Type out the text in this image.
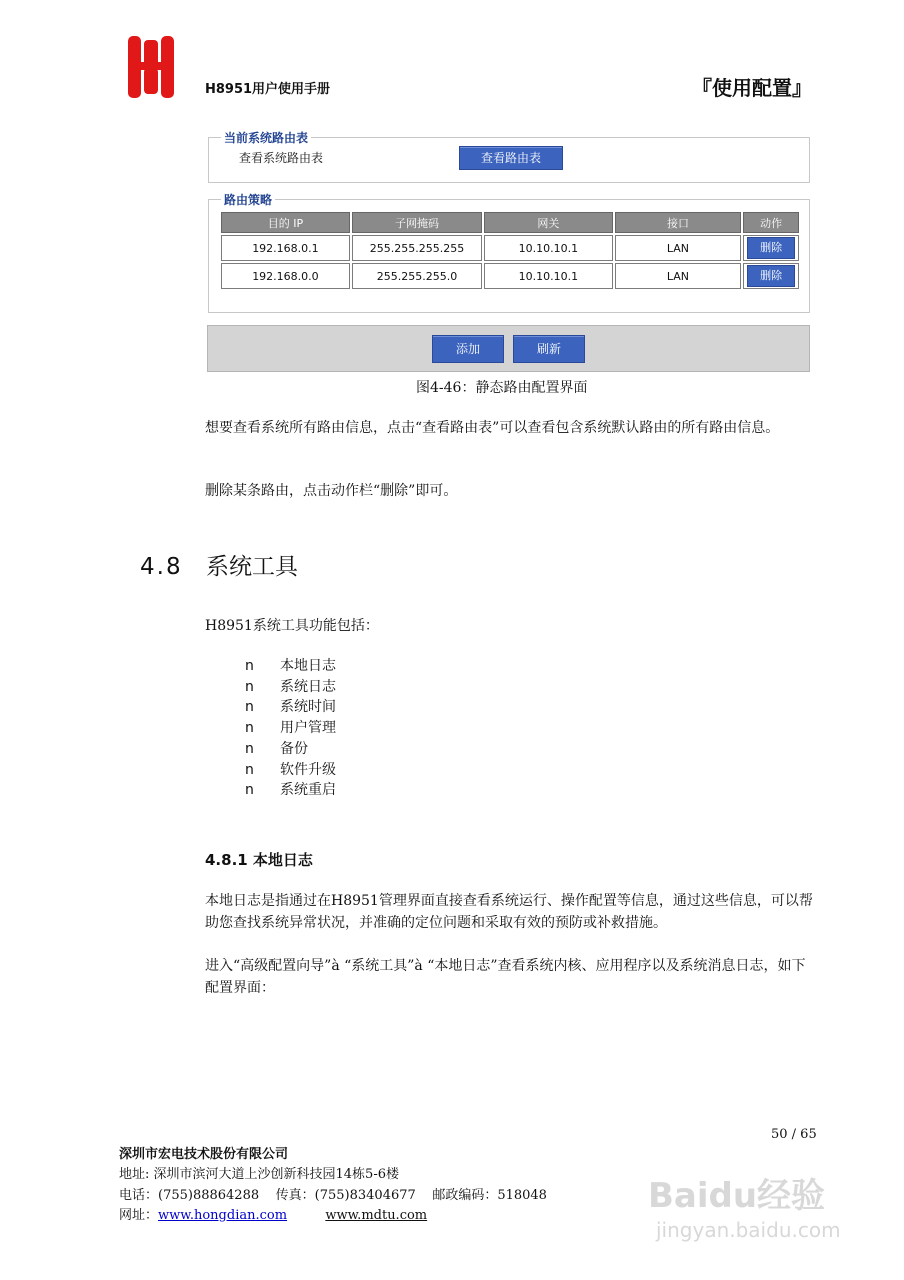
H8951用户使用手册	『使用配置』
当前系统路由表
查看系统路由表	查看路由表
路由策略
目的 IP	子网掩码	网关	接口	动作
192.168.0.1	255.255.255.255	10.10.10.1	LAN	删除
192.168.0.0	255.255.255.0	10.10.10.1	LAN	删除
添加	刷新
图4-46：静态路由配置界面
想要查看系统所有路由信息，点击“查看路由表”可以查看包含系统默认路由的所有路由信息。
删除某条路由，点击动作栏“删除”即可。
4.8 系统工具
H8951系统工具功能包括：
n 本地日志
n 系统日志
n 系统时间
n 用户管理
n 备份
n 软件升级
n 系统重启
4.8.1 本地日志
本地日志是指通过在H8951管理界面直接查看系统运行、操作配置等信息，通过这些信息，可以帮助您查找系统异常状况，并准确的定位问题和采取有效的预防或补救措施。
进入“高级配置向导”à “系统工具”à “本地日志”查看系统内核、应用程序以及系统消息日志，如下配置界面：
50 / 65
深圳市宏电技术股份有限公司
地址: 深圳市滨河大道上沙创新科技园14栋5-6楼
电话：(755)88864288 传真：(755)83404677 邮政编码：518048
网址：www.hongdian.com	www.mdtu.com	Baidu经验
jingyan.baidu.com
